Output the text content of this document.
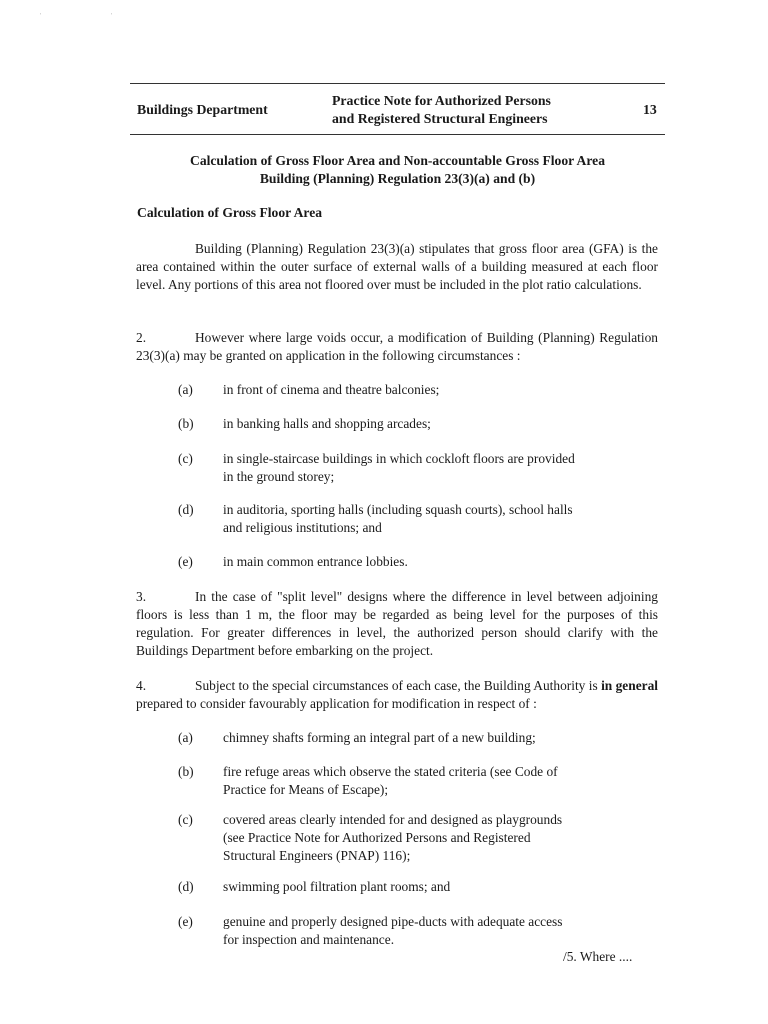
' '
Buildings Department
Practice Note for Authorized Persons
and Registered Structural Engineers
13
Calculation of Gross Floor Area and Non-accountable Gross Floor Area
Building (Planning) Regulation 23(3)(a) and (b)
Calculation of Gross Floor Area

Building (Planning) Regulation 23(3)(a) stipulates that gross floor area (GFA) is the area contained within the outer surface of external walls of a building measured at each floor level. Any portions of this area not floored over must be included in the plot ratio calculations.

2.	However where large voids occur, a modification of Building (Planning) Regulation 23(3)(a) may be granted on application in the following circumstances :

(a) in front of cinema and theatre balconies;
(b) in banking halls and shopping arcades;
(c) in single-staircase buildings in which cockloft floors are provided
in the ground storey;
(d) in auditoria, sporting halls (including squash courts), school halls
and religious institutions; and
(e) in main common entrance lobbies.

3.	In the case of "split level" designs where the difference in level between adjoining floors is less than 1 m, the floor may be regarded as being level for the purposes of this regulation. For greater differences in level, the authorized person should clarify with the Buildings Department before embarking on the project.

4.	Subject to the special circumstances of each case, the Building Authority is in general prepared to consider favourably application for modification in respect of :

(a) chimney shafts forming an integral part of a new building;
(b) fire refuge areas which observe the stated criteria (see Code of
Practice for Means of Escape);
(c) covered areas clearly intended for and designed as playgrounds
(see Practice Note for Authorized Persons and Registered
Structural Engineers (PNAP) 116);
(d) swimming pool filtration plant rooms; and
(e) genuine and properly designed pipe-ducts with adequate access
for inspection and maintenance.
/5. Where ....
